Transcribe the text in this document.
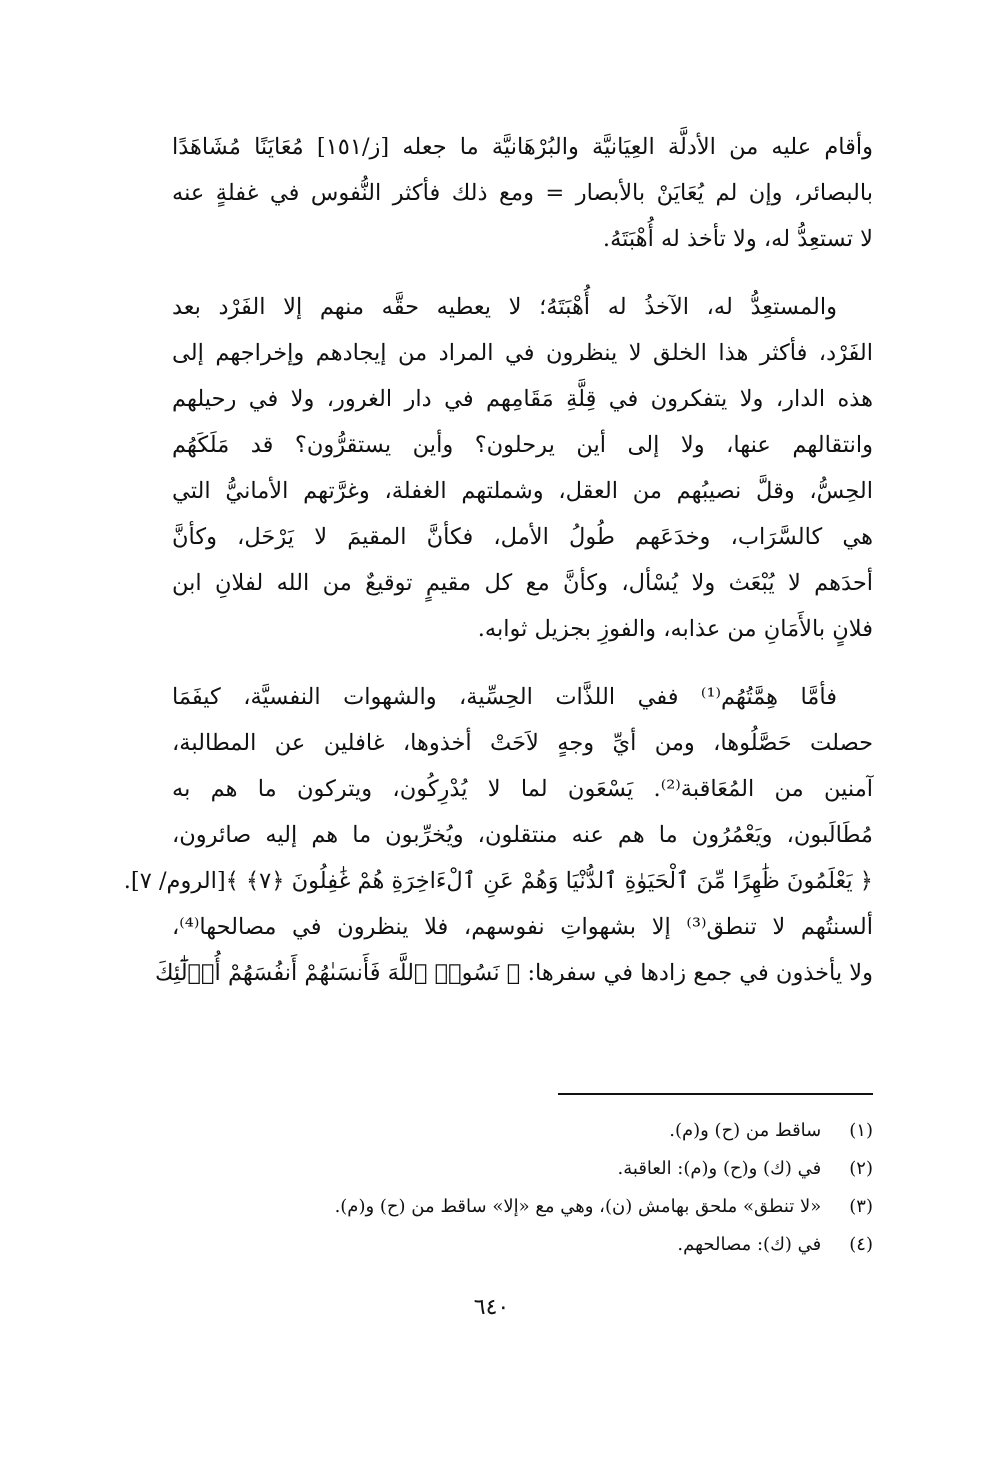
وأقام عليه من الأدلَّة العِيَانيَّة والبُرْهَانيَّة ما جعله [ز/١٥١] مُعَايَنًا مُشَاهَدًا
بالبصائر، وإن لم يُعَايَنْ بالأبصار = ومع ذلك فأكثر النُّفوس في غفلةٍ عنه
لا تستعِدُّ له، ولا تأخذ له أُهْبَتَهُ.

والمستعِدُّ له، الآخذُ له أُهْبَتَهُ؛ لا يعطيه حقَّه منهم إلا الفَرْد بعد
الفَرْد، فأكثر هذا الخلق لا ينظرون في المراد من إيجادهم وإخراجهم إلى
هذه الدار، ولا يتفكرون في قِلَّةِ مَقَامِهم في دار الغرور، ولا في رحيلهم
وانتقالهم عنها، ولا إلى أين يرحلون؟ وأين يستقرُّون؟ قد مَلَكَهُم
الحِسُّ، وقلَّ نصيبُهم من العقل، وشملتهم الغفلة، وغرَّتهم الأمانيُّ التي
هي كالسَّرَاب، وخدَعَهم طُولُ الأمل، فكأنَّ المقيمَ لا يَرْحَل، وكأنَّ
أحدَهم لا يُبْعَث ولا يُسْأل، وكأنَّ مع كل مقيمٍ توقيعٌ من الله لفلانِ ابن
فلانٍ بالأَمَانِ من عذابه، والفوزِ بجزيل ثوابه.

فأمَّا هِمَّتُهُم⁽¹⁾ ففي اللذَّات الحِسِّية، والشهوات النفسيَّة، كيفَمَا
حصلت حَصَّلُوها، ومن أيِّ وجهٍ لاَحَتْ أخذوها، غافلين عن المطالبة،
آمنين من المُعَاقبة⁽²⁾. يَسْعَون لما لا يُدْرِكُون، ويتركون ما هم به
مُطَالَبون، ويَعْمُرُون ما هم عنه منتقلون، ويُخرِّبون ما هم إليه صائرون،
﴿ يَعْلَمُونَ ظَٰهِرًا مِّنَ ٱلْحَيَوٰةِ ٱلدُّنْيَا وَهُمْ عَنِ ٱلْءَاخِرَةِ هُمْ غَٰفِلُونَ ﴿٧﴾ ﴾[الروم/ ٧].
ألسنتُهم لا تنطق⁽³⁾ إلا بشهواتِ نفوسهم، فلا ينظرون في مصالحها⁽⁴⁾،
ولا يأخذون في جمع زادها في سفرها: ﴿ نَسُوا۟ ٱللَّهَ فَأَنسَىٰهُمْ أَنفُسَهُمْ أُو۟لَٰٓئِكَ

(١) ساقط من (ح) و(م).
(٢) في (ك) و(ح) و(م): العاقبة.
(٣) «لا تنطق» ملحق بهامش (ن)، وهي مع «إلا» ساقط من (ح) و(م).
(٤) في (ك): مصالحهم.
٦٤٠
